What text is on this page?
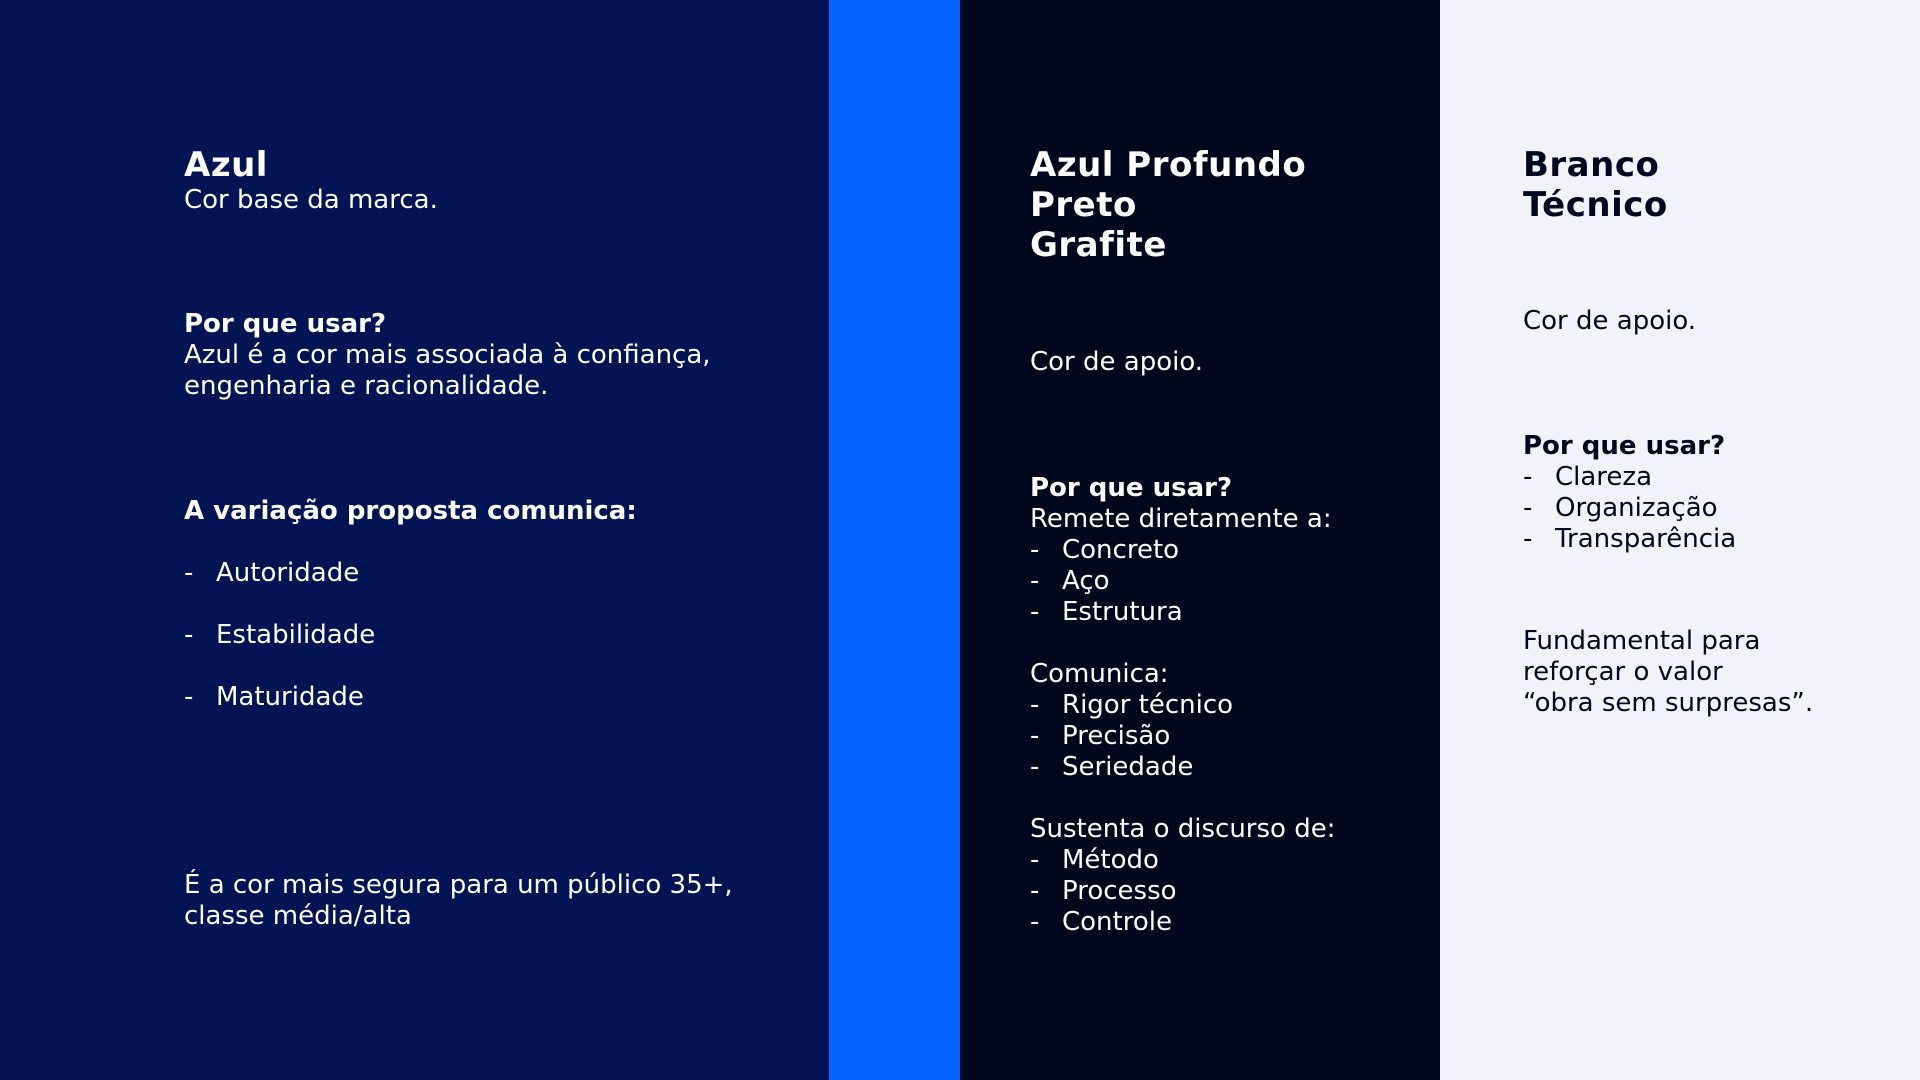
Azul
Cor base da marca.
Por que usar?
Azul é a cor mais associada à confiança,
engenharia e racionalidade.
A variação proposta comunica:
- Autoridade
- Estabilidade
- Maturidade
É a cor mais segura para um público 35+,
classe média/alta
Azul Profundo
Preto
Grafite
Cor de apoio.
Por que usar?
Remete diretamente a:
- Concreto
- Aço
- Estrutura
Comunica:
- Rigor técnico
- Precisão
- Seriedade
Sustenta o discurso de:
- Método
- Processo
- Controle
Branco
Técnico
Cor de apoio.
Por que usar?
- Clareza
- Organização
- Transparência
Fundamental para
reforçar o valor
“obra sem surpresas”.
